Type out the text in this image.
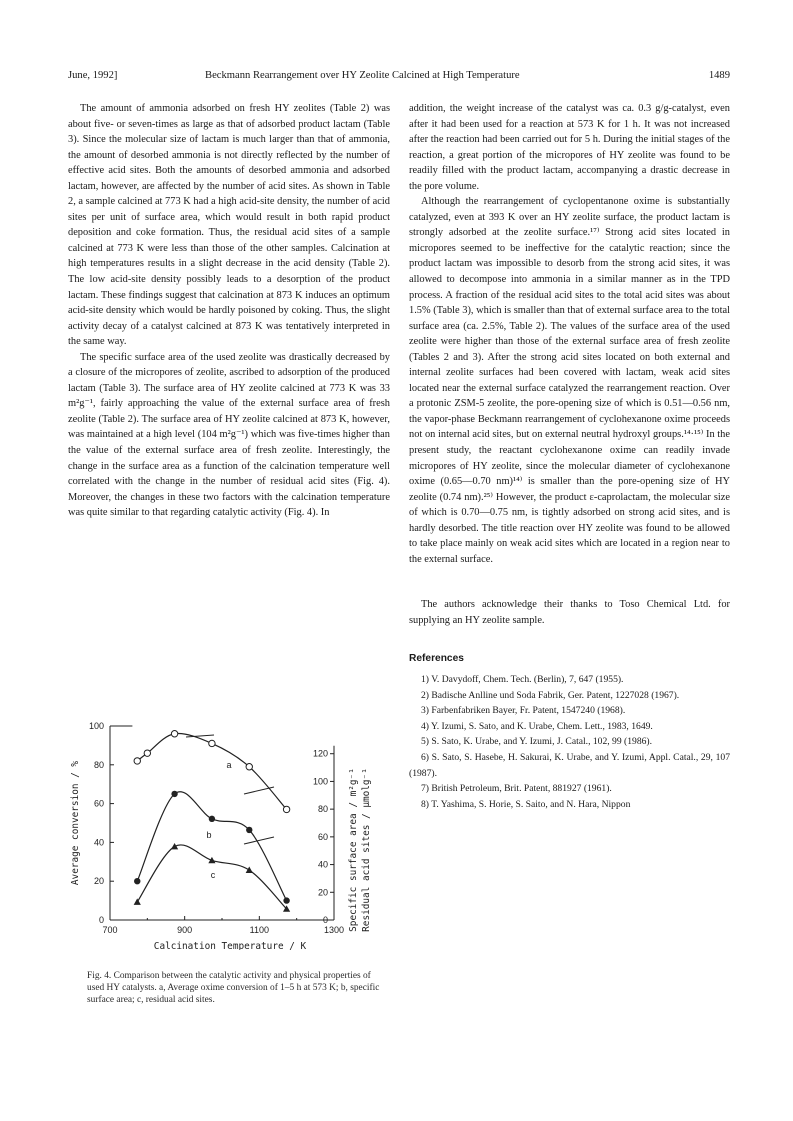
June, 1992]	Beckmann Rearrangement over HY Zeolite Calcined at High Temperature	1489

The amount of ammonia adsorbed on fresh HY zeolites (Table 2) was about five- or seven-times as large as that of adsorbed product lactam (Table 3). Since the molecular size of lactam is much larger than that of ammonia, the amount of desorbed ammonia is not directly reflected by the number of effective acid sites. Both the amounts of desorbed ammonia and adsorbed lactam, however, are affected by the number of acid sites. As shown in Table 2, a sample calcined at 773 K had a high acid-site density, the number of acid sites per unit of surface area, which would result in both rapid product deposition and coke formation. Thus, the residual acid sites of a sample calcined at 773 K were less than those of the other samples. Calcination at high temperatures results in a slight decrease in the acid density (Table 2). The low acid-site density possibly leads to a desorption of the product lactam. These findings suggest that calcination at 873 K induces an optimum acid-site density which would be hardly poisoned by coking. Thus, the slight activity decay of a catalyst calcined at 873 K was tentatively interpreted in the same way.

The specific surface area of the used zeolite was drastically decreased by a closure of the micropores of zeolite, ascribed to adsorption of the produced lactam (Table 3). The surface area of HY zeolite calcined at 773 K was 33 m²g⁻¹, fairly approaching the value of the external surface area of fresh zeolite (Table 2). The surface area of HY zeolite calcined at 873 K, however, was maintained at a high level (104 m²g⁻¹) which was five-times higher than the value of the external surface area of fresh zeolite. Interestingly, the change in the surface area as a function of the calcination temperature well correlated with the change in the number of residual acid sites (Fig. 4). Moreover, the changes in these two factors with the calcination temperature was quite similar to that regarding catalytic activity (Fig. 4). In

addition, the weight increase of the catalyst was ca. 0.3 g/g-catalyst, even after it had been used for a reaction at 573 K for 1 h. It was not increased after the reaction had been carried out for 5 h. During the initial stages of the reaction, a great portion of the micropores of HY zeolite was found to be readily filled with the product lactam, accompanying a drastic decrease in the pore volume.

Although the rearrangement of cyclopentanone oxime is substantially catalyzed, even at 393 K over an HY zeolite surface, the product lactam is strongly adsorbed at the zeolite surface.¹⁷⁾ Strong acid sites located in micropores seemed to be ineffective for the catalytic reaction; since the product lactam was impossible to desorb from the strong acid sites, it was allowed to decompose into ammonia in a similar manner as in the TPD process. A fraction of the residual acid sites to the total acid sites was about 1.5% (Table 3), which is smaller than that of external surface area to the total surface area (ca. 2.5%, Table 2). The values of the surface area of the used zeolite were higher than those of the external surface area of fresh zeolite (Tables 2 and 3). After the strong acid sites located on both external and internal zeolite surfaces had been covered with lactam, weak acid sites located near the external surface catalyzed the rearrangement reaction. Over a protonic ZSM-5 zeolite, the pore-opening size of which is 0.51—0.56 nm, the vapor-phase Beckmann rearrangement of cyclohexanone oxime proceeds not on internal acid sites, but on external neutral hydroxyl groups.¹⁴·¹⁵⁾ In the present study, the reactant cyclohexanone oxime can readily invade micropores of HY zeolite, since the molecular diameter of cyclohexanone oxime (0.65—0.70 nm)¹⁴⁾ is smaller than the pore-opening size of HY zeolite (0.74 nm).²⁵⁾ However, the product ε-caprolactam, the molecular size of which is 0.70—0.75 nm, is tightly adsorbed on strong acid sites, and is hardly desorbed. The title reaction over HY zeolite was found to be allowed to take place mainly on weak acid sites which are located in a region near to the external surface.

The authors acknowledge their thanks to Toso Chemical Ltd. for supplying an HY zeolite sample.

References

1) V. Davydoff, Chem. Tech. (Berlin), 7, 647 (1955).
2) Badische Anlline und Soda Fabrik, Ger. Patent, 1227028 (1967).
3) Farbenfabriken Bayer, Fr. Patent, 1547240 (1968).
4) Y. Izumi, S. Sato, and K. Urabe, Chem. Lett., 1983, 1649.
5) S. Sato, K. Urabe, and Y. Izumi, J. Catal., 102, 99 (1986).
6) S. Sato, S. Hasebe, H. Sakurai, K. Urabe, and Y. Izumi, Appl. Catal., 29, 107 (1987).
7) British Petroleum, Brit. Patent, 881927 (1961).
8) T. Yashima, S. Horie, S. Saito, and N. Hara, Nippon
700	900	1100	1300
0
20
40
60
80
100
0
20
40
60
80
100
120
Calcination Temperature / K
Average conversion / %	Specific surface area / m²g⁻¹ Residual acid sites / μmolg⁻¹
a
b
c
Fig. 4. Comparison between the catalytic activity and physical properties of used HY catalysts. a, Average oxime conversion of 1–5 h at 573 K; b, specific surface area; c, residual acid sites.
